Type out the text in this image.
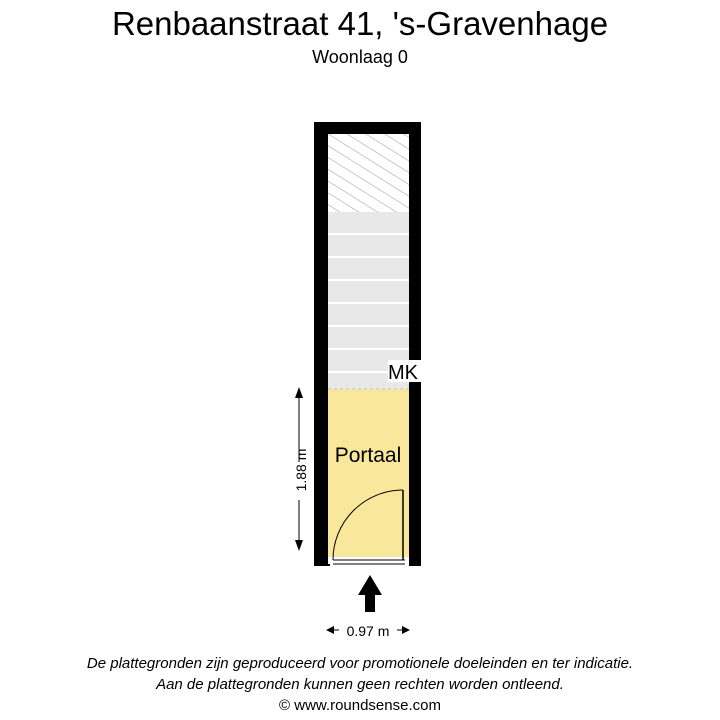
Renbaanstraat 41, 's-Gravenhage
Woonlaag 0
MK
Portaal
1.88 m
0.97 m
De plattegronden zijn geproduceerd voor promotionele doeleinden en ter indicatie.
Aan de plattegronden kunnen geen rechten worden ontleend.
© www.roundsense.com
